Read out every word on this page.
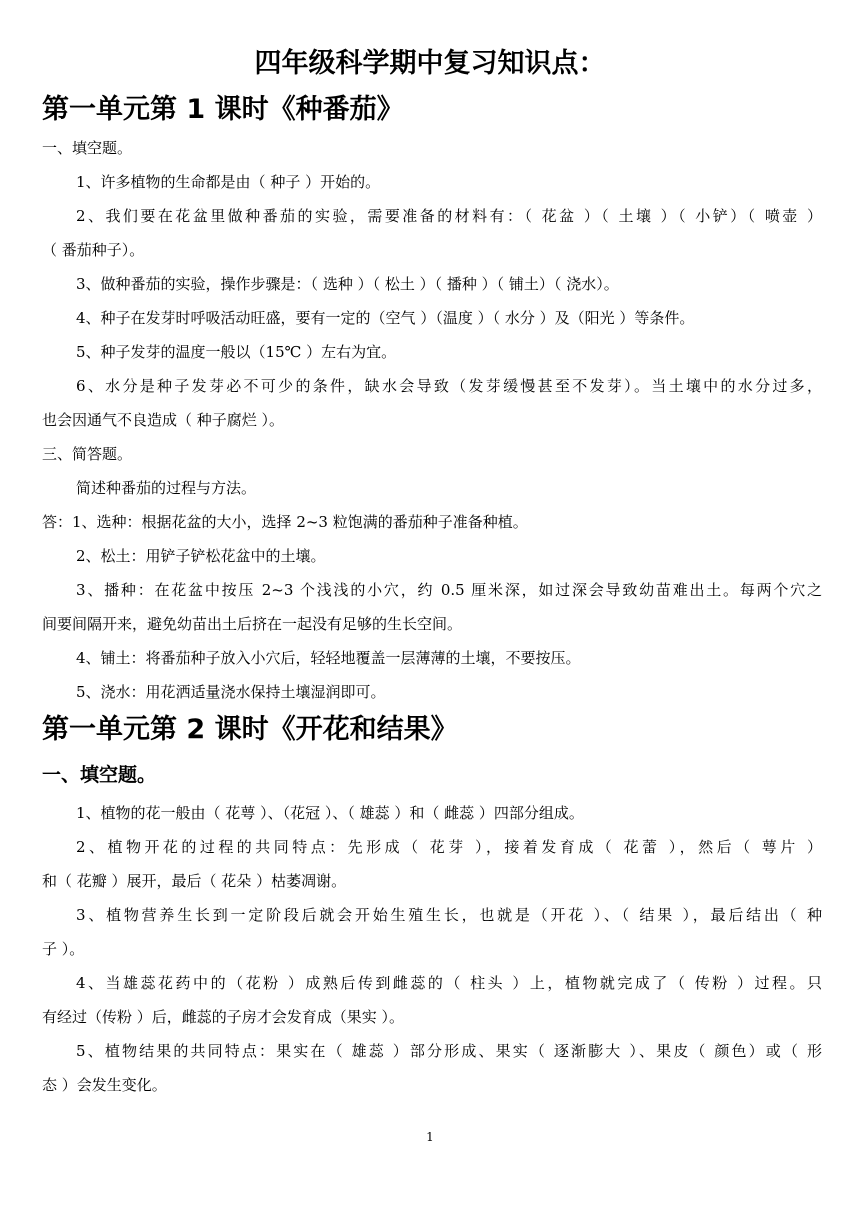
四年级科学期中复习知识点：
第一单元第 1 课时《种番茄》
一、填空题。
1、许多植物的生命都是由（ 种子 ）开始的。
2、我们要在花盆里做种番茄的实验，需要准备的材料有：（ 花盆 ）（ 土壤 ）（ 小铲）（ 喷壶 ）
（ 番茄种子）。
3、做种番茄的实验，操作步骤是：（ 选种 ）（ 松土 ）（ 播种 ）（ 铺土）（ 浇水）。
4、种子在发芽时呼吸活动旺盛，要有一定的（空气 ）（温度 ）（ 水分 ）及（阳光 ）等条件。
5、种子发芽的温度一般以（15℃ ）左右为宜。
6、水分是种子发芽必不可少的条件，缺水会导致（发芽缓慢甚至不发芽）。当土壤中的水分过多，
也会因通气不良造成（ 种子腐烂 ）。
三、简答题。
简述种番茄的过程与方法。
答：1、选种：根据花盆的大小，选择 2~3 粒饱满的番茄种子准备种植。
2、松土：用铲子铲松花盆中的土壤。
3、播种：在花盆中按压 2~3 个浅浅的小穴，约 0.5 厘米深，如过深会导致幼苗难出土。每两个穴之
间要间隔开来，避免幼苗出土后挤在一起没有足够的生长空间。
4、铺土：将番茄种子放入小穴后，轻轻地覆盖一层薄薄的土壤，不要按压。
5、浇水：用花洒适量浇水保持土壤湿润即可。
第一单元第 2 课时《开花和结果》
一、填空题。
1、植物的花一般由（ 花萼 ）、（花冠 ）、（ 雄蕊 ）和（ 雌蕊 ）四部分组成。
2、植物开花的过程的共同特点：先形成（ 花芽 ），接着发育成（ 花蕾 ），然后（ 萼片 ）
和（ 花瓣 ）展开，最后（ 花朵 ）枯萎凋谢。
3、植物营养生长到一定阶段后就会开始生殖生长，也就是（开花 ）、（ 结果 ），最后结出（ 种
子 ）。
4、当雄蕊花药中的（花粉 ）成熟后传到雌蕊的（ 柱头 ）上，植物就完成了（ 传粉 ）过程。只
有经过（传粉 ）后，雌蕊的子房才会发育成（果实 ）。
5、植物结果的共同特点：果实在（ 雄蕊 ）部分形成、果实（ 逐渐膨大 ）、果皮（ 颜色）或（ 形
态 ）会发生变化。
1
